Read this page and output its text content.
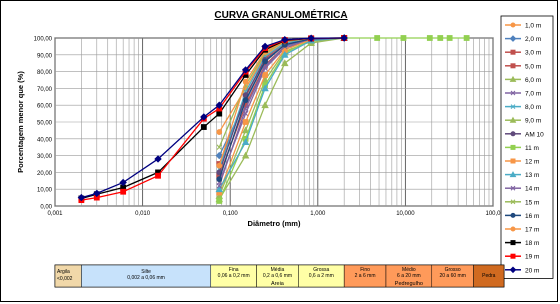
CURVA GRANULOMÉTRICA
0,00
10,00
20,00
30,00
40,00
50,00
60,00
70,00
80,00
90,00
100,00
0,001	0,010	0,100	1,000	10,000	100,0
Diâmetro (mm)
Porcentagem menor que (%)
1,0 m
2,0 m
3,0 m
5,0 m
6,0 m
7,0 m
8,0 m
9,0 m
AM 10
11 m
12 m
13 m
14 m
15 m
16 m
17 m
18 m
19 m
20 m
Argila
<0,002
Silte
0,002 a 0,06 mm
Fina
0,06 a 0,2 mm
Média
0,2 a 0,6 mm
Grossa
0,6 a 2 mm
Fino
2 a 6 mm
Médio
6 a 20 mm
Grosso
20 a 60 mm	Pedra
Areia	Pedregulho
